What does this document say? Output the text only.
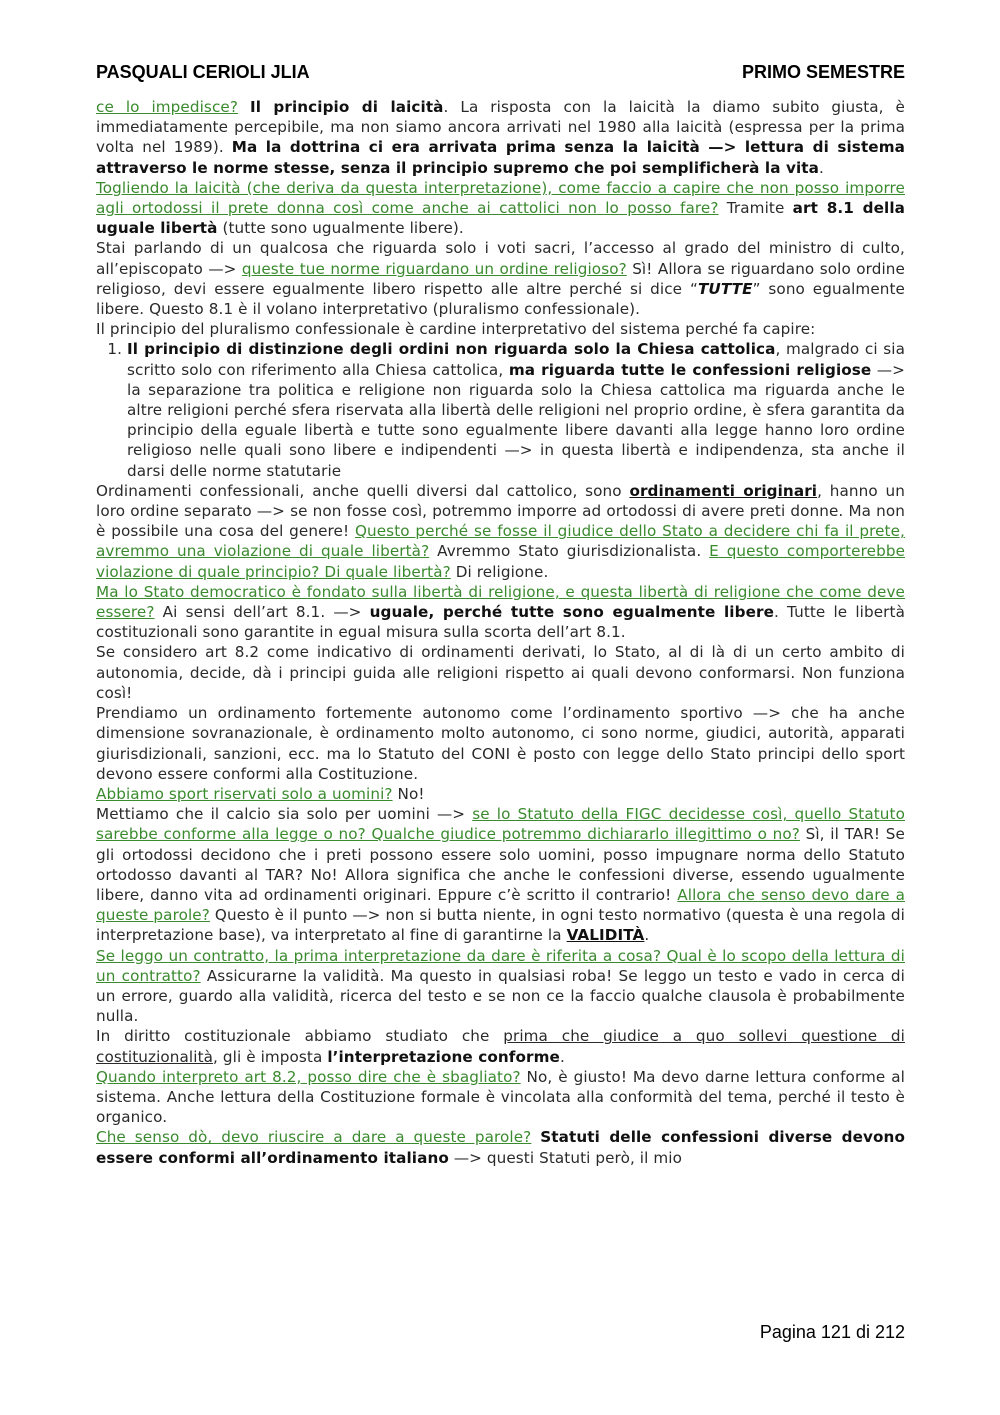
PASQUALI CERIOLI JLIA	PRIMO SEMESTRE

ce lo impedisce? Il principio di laicità. La risposta con la laicità la diamo subito giusta, è immediatamente percepibile, ma non siamo ancora arrivati nel 1980 alla laicità (espressa per la prima volta nel 1989). Ma la dottrina ci era arrivata prima senza la laicità —> lettura di sistema attraverso le norme stesse, senza il principio supremo che poi semplificherà la vita.

Togliendo la laicità (che deriva da questa interpretazione), come faccio a capire che non posso imporre agli ortodossi il prete donna così come anche ai cattolici non lo posso fare? Tramite art 8.1 della uguale libertà (tutte sono ugualmente libere).

Stai parlando di un qualcosa che riguarda solo i voti sacri, l’accesso al grado del ministro di culto, all’episcopato —> queste tue norme riguardano un ordine religioso? Sì! Allora se riguardano solo ordine religioso, devi essere egualmente libero rispetto alle altre perché si dice “TUTTE” sono egualmente libere. Questo 8.1 è il volano interpretativo (pluralismo confessionale).

Il principio del pluralismo confessionale è cardine interpretativo del sistema perché fa capire:

1. Il principio di distinzione degli ordini non riguarda solo la Chiesa cattolica, malgrado ci sia scritto solo con riferimento alla Chiesa cattolica, ma riguarda tutte le confessioni religiose —> la separazione tra politica e religione non riguarda solo la Chiesa cattolica ma riguarda anche le altre religioni perché sfera riservata alla libertà delle religioni nel proprio ordine, è sfera garantita da principio della eguale libertà e tutte sono egualmente libere davanti alla legge hanno loro ordine religioso nelle quali sono libere e indipendenti —> in questa libertà e indipendenza, sta anche il darsi delle norme statutarie

Ordinamenti confessionali, anche quelli diversi dal cattolico, sono ordinamenti originari, hanno un loro ordine separato —> se non fosse così, potremmo imporre ad ortodossi di avere preti donne. Ma non è possibile una cosa del genere! Questo perché se fosse il giudice dello Stato a decidere chi fa il prete, avremmo una violazione di quale libertà? Avremmo Stato giurisdizionalista. E questo comporterebbe violazione di quale principio? Di quale libertà? Di religione.

Ma lo Stato democratico è fondato sulla libertà di religione, e questa libertà di religione che come deve essere? Ai sensi dell’art 8.1. —> uguale, perché tutte sono egualmente libere. Tutte le libertà costituzionali sono garantite in egual misura sulla scorta dell’art 8.1.

Se considero art 8.2 come indicativo di ordinamenti derivati, lo Stato, al di là di un certo ambito di autonomia, decide, dà i principi guida alle religioni rispetto ai quali devono conformarsi. Non funziona così!

Prendiamo un ordinamento fortemente autonomo come l’ordinamento sportivo —> che ha anche dimensione sovranazionale, è ordinamento molto autonomo, ci sono norme, giudici, autorità, apparati giurisdizionali, sanzioni, ecc. ma lo Statuto del CONI è posto con legge dello Stato principi dello sport devono essere conformi alla Costituzione.

Abbiamo sport riservati solo a uomini? No!

Mettiamo che il calcio sia solo per uomini —> se lo Statuto della FIGC decidesse così, quello Statuto sarebbe conforme alla legge o no? Qualche giudice potremmo dichiararlo illegittimo o no? Sì, il TAR! Se gli ortodossi decidono che i preti possono essere solo uomini, posso impugnare norma dello Statuto ortodosso davanti al TAR? No! Allora significa che anche le confessioni diverse, essendo ugualmente libere, danno vita ad ordinamenti originari. Eppure c’è scritto il contrario! Allora che senso devo dare a queste parole? Questo è il punto —> non si butta niente, in ogni testo normativo (questa è una regola di interpretazione base), va interpretato al fine di garantirne la VALIDITÀ.

Se leggo un contratto, la prima interpretazione da dare è riferita a cosa? Qual è lo scopo della lettura di un contratto? Assicurarne la validità. Ma questo in qualsiasi roba! Se leggo un testo e vado in cerca di un errore, guardo alla validità, ricerca del testo e se non ce la faccio qualche clausola è probabilmente nulla.

In diritto costituzionale abbiamo studiato che prima che giudice a quo sollevi questione di costituzionalità, gli è imposta l’interpretazione conforme.

Quando interpreto art 8.2, posso dire che è sbagliato? No, è giusto! Ma devo darne lettura conforme al sistema. Anche lettura della Costituzione formale è vincolata alla conformità del tema, perché il testo è organico.

Che senso dò, devo riuscire a dare a queste parole? Statuti delle confessioni diverse devono essere conformi all’ordinamento italiano —> questi Statuti però, il mio

Pagina 121 di 212
